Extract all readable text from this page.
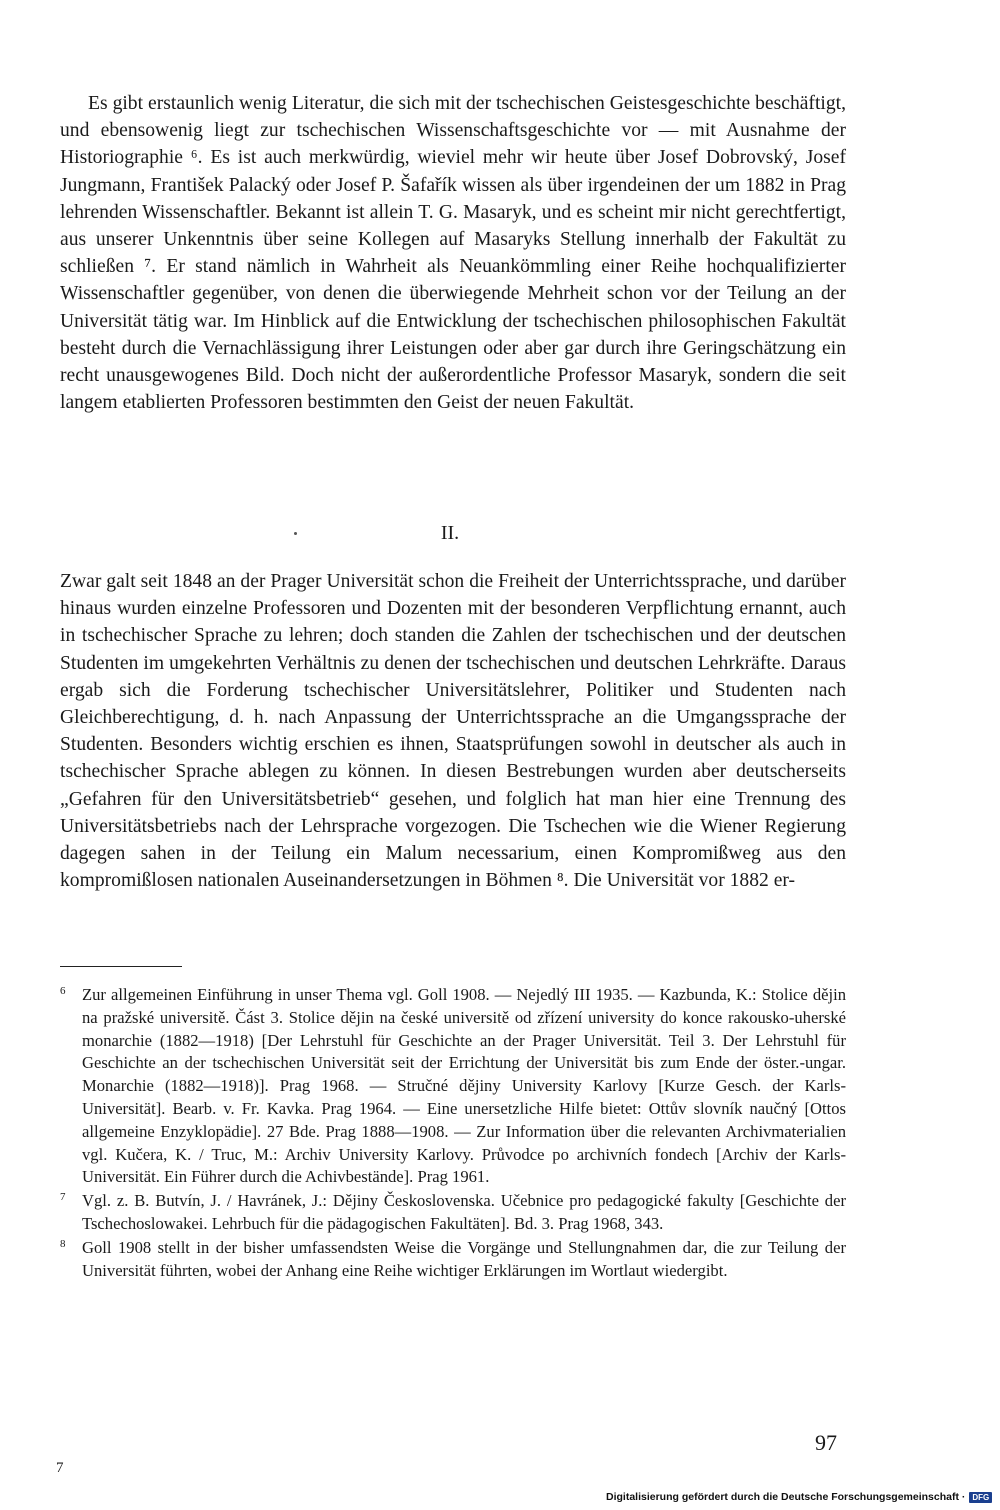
Es gibt erstaunlich wenig Literatur, die sich mit der tschechischen Geistesgeschichte beschäftigt, und ebensowenig liegt zur tschechischen Wissenschaftsgeschichte vor — mit Ausnahme der Historiographie ⁶. Es ist auch merkwürdig, wieviel mehr wir heute über Josef Dobrovský, Josef Jungmann, František Palacký oder Josef P. Šafařík wissen als über irgendeinen der um 1882 in Prag lehrenden Wissenschaftler. Bekannt ist allein T. G. Masaryk, und es scheint mir nicht gerechtfertigt, aus unserer Unkenntnis über seine Kollegen auf Masaryks Stellung innerhalb der Fakultät zu schließen ⁷. Er stand nämlich in Wahrheit als Neuankömmling einer Reihe hochqualifizierter Wissenschaftler gegenüber, von denen die überwiegende Mehrheit schon vor der Teilung an der Universität tätig war. Im Hinblick auf die Entwicklung der tschechischen philosophischen Fakultät besteht durch die Vernachlässigung ihrer Leistungen oder aber gar durch ihre Geringschätzung ein recht unausgewogenes Bild. Doch nicht der außerordentliche Professor Masaryk, sondern die seit langem etablierten Professoren bestimmten den Geist der neuen Fakultät.

II.

Zwar galt seit 1848 an der Prager Universität schon die Freiheit der Unterrichtssprache, und darüber hinaus wurden einzelne Professoren und Dozenten mit der besonderen Verpflichtung ernannt, auch in tschechischer Sprache zu lehren; doch standen die Zahlen der tschechischen und der deutschen Studenten im umgekehrten Verhältnis zu denen der tschechischen und deutschen Lehrkräfte. Daraus ergab sich die Forderung tschechischer Universitätslehrer, Politiker und Studenten nach Gleichberechtigung, d. h. nach Anpassung der Unterrichtssprache an die Umgangssprache der Studenten. Besonders wichtig erschien es ihnen, Staatsprüfungen sowohl in deutscher als auch in tschechischer Sprache ablegen zu können. In diesen Bestrebungen wurden aber deutscherseits „Gefahren für den Universitätsbetrieb“ gesehen, und folglich hat man hier eine Trennung des Universitätsbetriebs nach der Lehrsprache vorgezogen. Die Tschechen wie die Wiener Regierung dagegen sahen in der Teilung ein Malum necessarium, einen Kompromißweg aus den kompromißlosen nationalen Auseinandersetzungen in Böhmen ⁸. Die Universität vor 1882 er-

6 Zur allgemeinen Einführung in unser Thema vgl. Goll 1908. — Nejedlý III 1935. — Kazbunda, K.: Stolice dějin na pražské universitě. Část 3. Stolice dějin na české universitě od zřízení university do konce rakousko-uherské monarchie (1882—1918) [Der Lehrstuhl für Geschichte an der Prager Universität. Teil 3. Der Lehrstuhl für Geschichte an der tschechischen Universität seit der Errichtung der Universität bis zum Ende der öster.-ungar. Monarchie (1882—1918)]. Prag 1968. — Stručné dějiny University Karlovy [Kurze Gesch. der Karls-Universität]. Bearb. v. Fr. Kavka. Prag 1964. — Eine unersetzliche Hilfe bietet: Ottův slovník naučný [Ottos allgemeine Enzyklopädie]. 27 Bde. Prag 1888—1908. — Zur Information über die relevanten Archivmaterialien vgl. Kučera, K. / Truc, M.: Archiv University Karlovy. Průvodce po archivních fondech [Archiv der Karls-Universität. Ein Führer durch die Achivbestände]. Prag 1961.
7 Vgl. z. B. Butvín, J. / Havránek, J.: Dějiny Československa. Učebnice pro pedagogické fakulty [Geschichte der Tschechoslowakei. Lehrbuch für die pädagogischen Fakultäten]. Bd. 3. Prag 1968, 343.
8 Goll 1908 stellt in der bisher umfassendsten Weise die Vorgänge und Stellungnahmen dar, die zur Teilung der Universität führten, wobei der Anhang eine Reihe wichtiger Erklärungen im Wortlaut wiedergibt.
97
7
Digitalisierung gefördert durch die Deutsche Forschungsgemeinschaft · DFG
